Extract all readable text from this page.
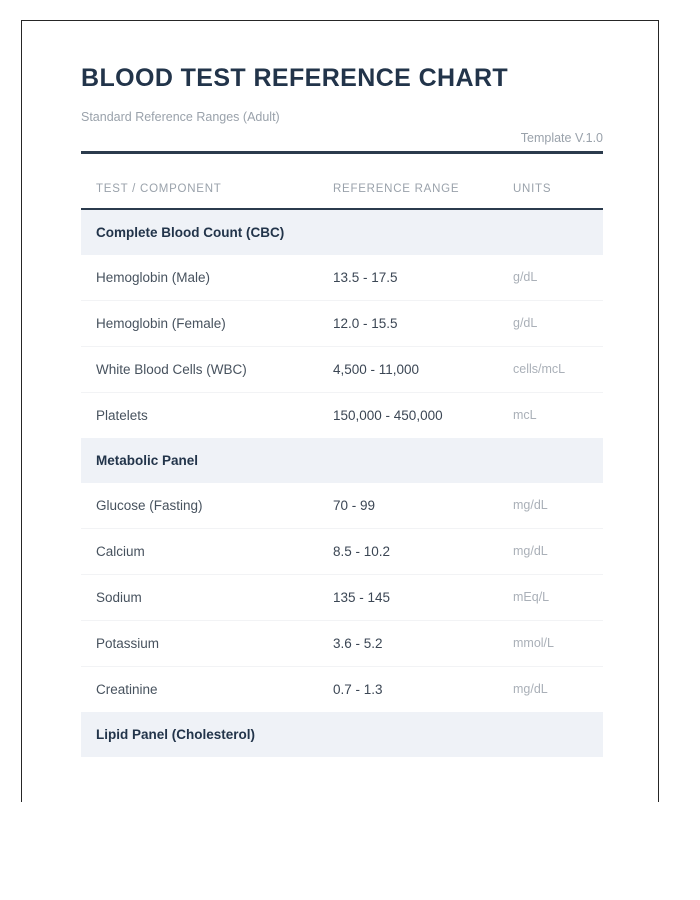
BLOOD TEST REFERENCE CHART
Standard Reference Ranges (Adult)
Template V.1.0
TEST / COMPONENT	REFERENCE RANGE	UNITS
Complete Blood Count (CBC)		
Hemoglobin (Male)	13.5 - 17.5	g/dL
Hemoglobin (Female)	12.0 - 15.5	g/dL
White Blood Cells (WBC)	4,500 - 11,000	cells/mcL
Platelets	150,000 - 450,000	mcL
Metabolic Panel		
Glucose (Fasting)	70 - 99	mg/dL
Calcium	8.5 - 10.2	mg/dL
Sodium	135 - 145	mEq/L
Potassium	3.6 - 5.2	mmol/L
Creatinine	0.7 - 1.3	mg/dL
Lipid Panel (Cholesterol)		
